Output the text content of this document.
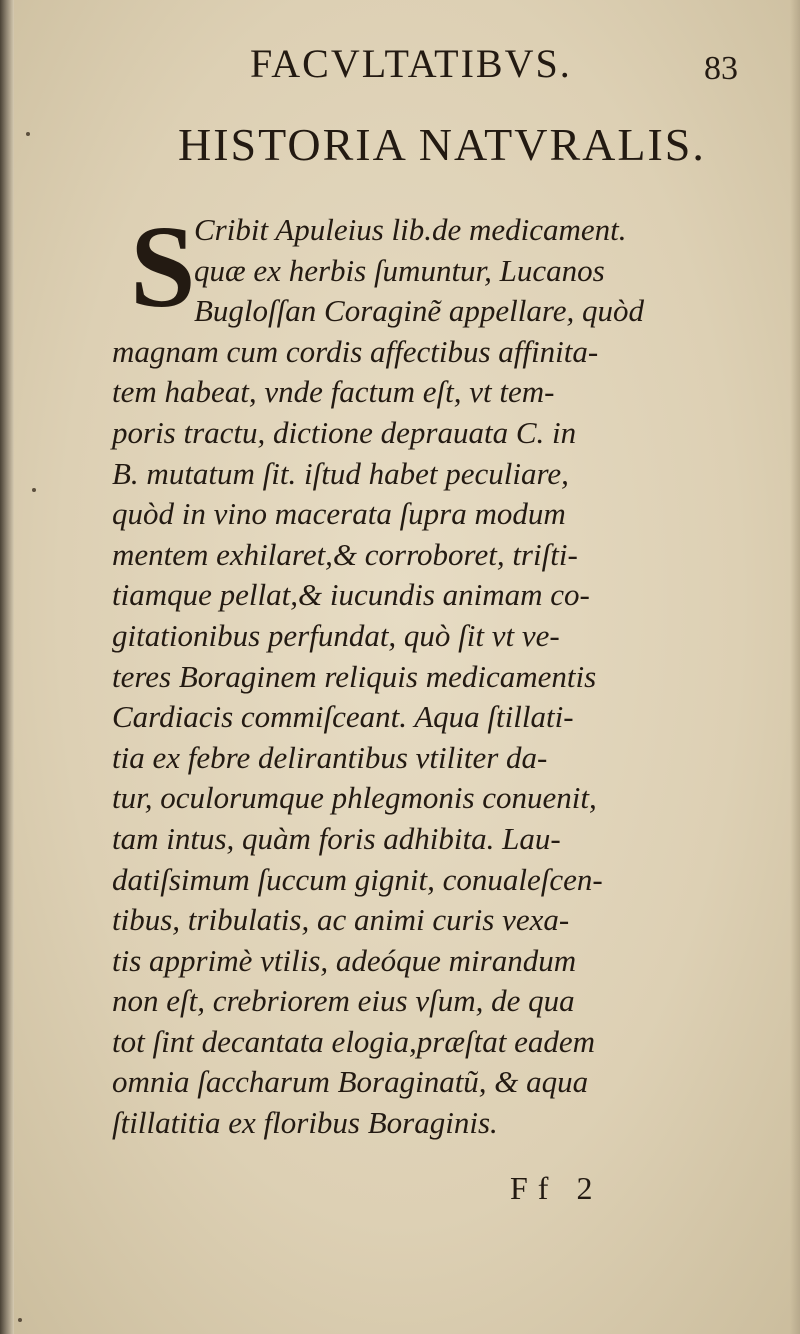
FACVLTATIBVS.	83
HISTORIA NATVRALIS.
S
Cribit Apuleius lib.de medicament.
quæ ex herbis ſumuntur, Lucanos
Bugloſſan Coraginẽ appellare, quòd
magnam cum cordis affectibus affinita-
tem habeat, vnde factum eſt, vt tem-
poris tractu, dictione deprauata C. in
B. mutatum ſit. iſtud habet peculiare,
quòd in vino macerata ſupra modum
mentem exhilaret,& corroboret, triſti-
tiamque pellat,& iucundis animam co-
gitationibus perfundat, quò ſit vt ve-
teres Boraginem reliquis medicamentis
Cardiacis commiſceant. Aqua ſtillati-
tia ex febre delirantibus vtiliter da-
tur, oculorumque phlegmonis conuenit,
tam intus, quàm foris adhibita. Lau-
datiſsimum ſuccum gignit, conualeſcen-
tibus, tribulatis, ac animi curis vexa-
tis apprimè vtilis, adeóque mirandum
non eſt, crebriorem eius vſum, de qua
tot ſint decantata elogia,præſtat eadem
omnia ſaccharum Boraginatũ, & aqua
ſtillatitia ex floribus Boraginis.
Ff 2
